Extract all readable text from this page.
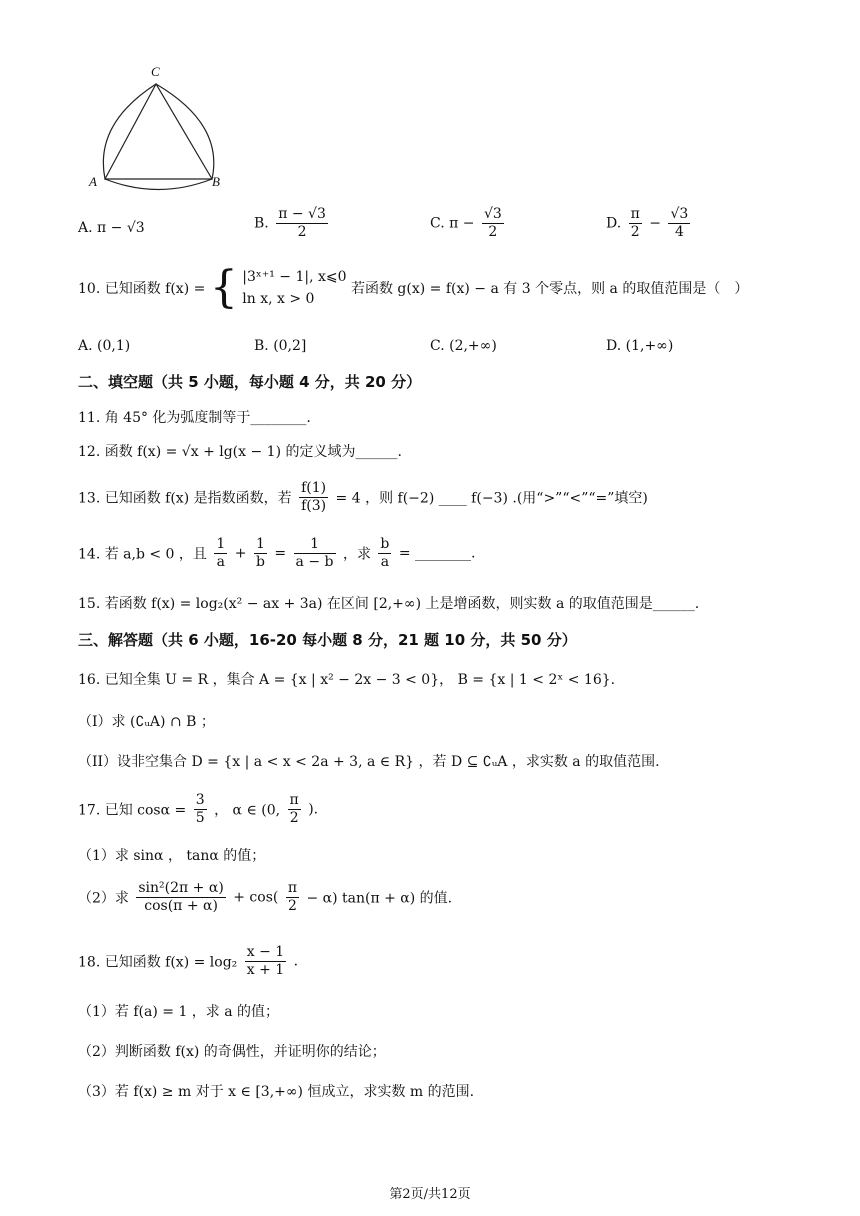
C
A	B
A. π − √3	B. $\frac{\pi - √3}{2}$	C. $\pi - \frac{√3}{2}$	D. $\frac{\pi}{2} - \frac{√3}{4}$
10. 已知函数 f(x) = { |3ˣ⁺¹ − 1|, x⩽0
ln x, x > 0
若函数 g(x) = f(x) − a 有 3 个零点，则 a 的取值范围是（　）
A. (0,1)	B. (0,2]	C. (2,+∞)	D. (1,+∞)
二、填空题（共 5 小题，每小题 4 分，共 20 分）
11. 角 45° 化为弧度制等于________.
12. 函数 f(x) = √x + lg(x − 1) 的定义域为______.
13. 已知函数 f(x) 是指数函数，若 $\frac{f(1)}{f(3)} = 4$ ，则 f(−2) ____ f(−3) .(用“>”“<”“=”填空)
14. 若 a,b < 0 ，且 $\frac{1}{a} + \frac{1}{b} = \frac{1}{a - b}$ ，求 $\frac{b}{a}$ = ________.
15. 若函数 f(x) = log₂(x² − ax + 3a) 在区间 [2,+∞) 上是增函数，则实数 a 的取值范围是______.
三、解答题（共 6 小题，16-20 每小题 8 分，21 题 10 分，共 50 分）
16. 已知全集 U = R ，集合 A = {x | x² − 2x − 3 < 0}， B = {x | 1 < 2ˣ < 16}.
（I）求 (∁ᵤA) ∩ B ；
（II）设非空集合 D = {x | a < x < 2a + 3, a ∈ R} ，若 D ⊆ ∁ᵤA ，求实数 a 的取值范围.
17. 已知 $\cos\alpha = \frac{3}{5}$ ， α ∈ (0, $\frac{\pi}{2}$ ).
（1）求 sinα ， tanα 的值；
（2）求 $\frac{\text{sin²(2π + α)}}{\cos(\pi + \alpha)} + \cos( \frac{\pi}{2} - \alpha) \tan(\pi + \alpha)$ 的值.
18. 已知函数 $f(x) = \log_2 \frac{x - 1}{x + 1}$ .
（1）若 f(a) = 1 ，求 a 的值；
（2）判断函数 f(x) 的奇偶性，并证明你的结论；
（3）若 f(x) ≥ m 对于 x ∈ [3,+∞) 恒成立，求实数 m 的范围.
第2页/共12页
